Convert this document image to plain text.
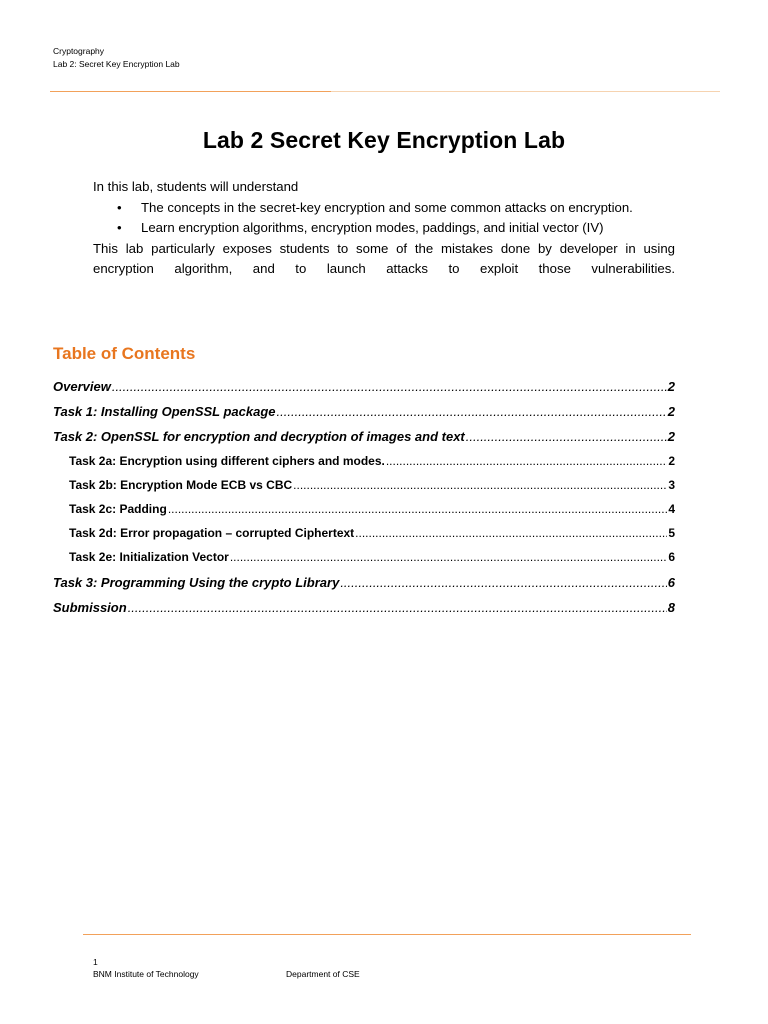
Cryptography
Lab 2: Secret Key Encryption Lab
Lab 2 Secret Key Encryption Lab

In this lab, students will understand

• The concepts in the secret-key encryption and some common attacks on encryption.
• Learn encryption algorithms, encryption modes, paddings, and initial vector (IV)

This lab particularly exposes students to some of the mistakes done by developer in using

encryption algorithm, and to launch attacks to exploit those vulnerabilities.

Table of Contents
Overview .....	2
Task 1: Installing OpenSSL package .....	2
Task 2: OpenSSL for encryption and decryption of images and text .....	2
Task 2a: Encryption using different ciphers and modes. .....	2
Task 2b: Encryption Mode ECB vs CBC .....	3
Task 2c: Padding .....	4
Task 2d: Error propagation – corrupted Ciphertext .....	5
Task 2e: Initialization Vector .....	6
Task 3: Programming Using the crypto Library .....	6
Submission .....	8
1
BNM Institute of Technology	Department of CSE
